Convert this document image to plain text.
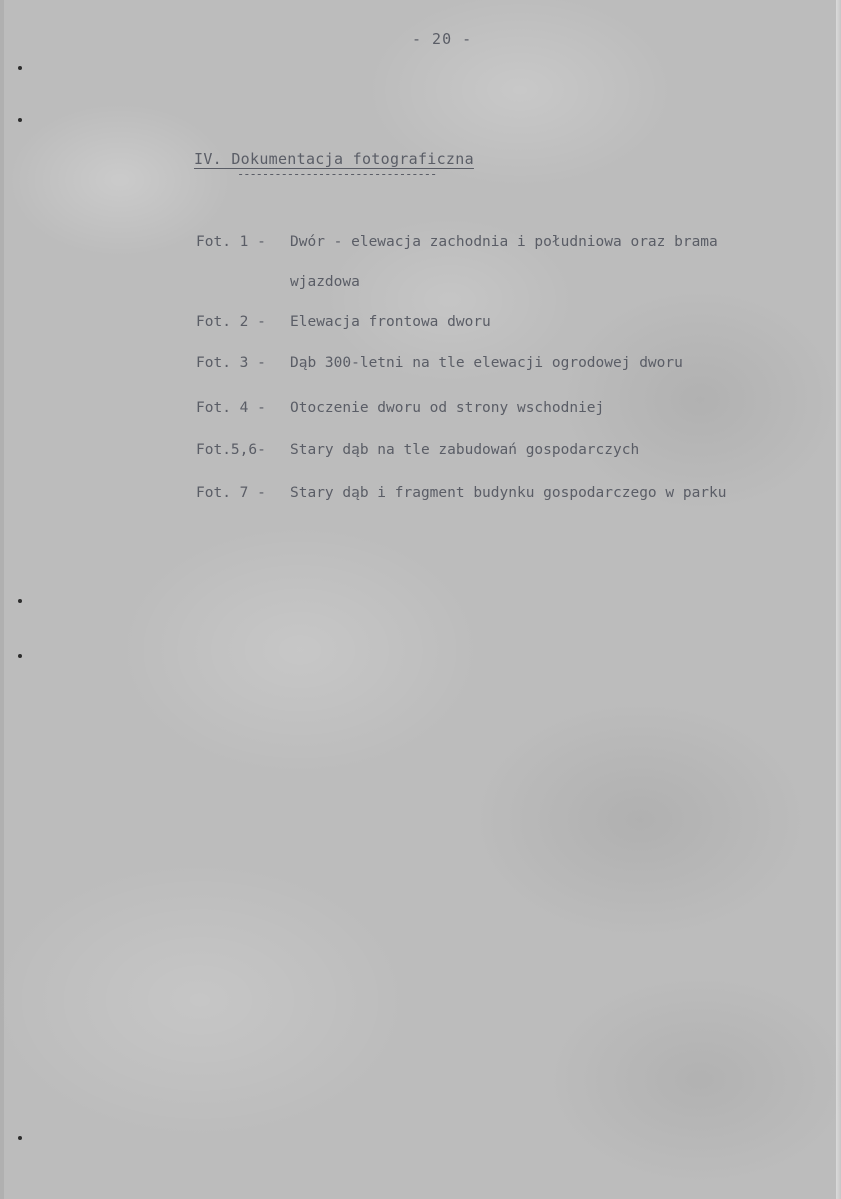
- 20 -
IV. Dokumentacja fotograficzna
--------------------------------
Fot. 1 - Dwór - elewacja zachodnia i południowa oraz brama
wjazdowa
Fot. 2 - Elewacja frontowa dworu
Fot. 3 - Dąb 300-letni na tle elewacji ogrodowej dworu
Fot. 4 - Otoczenie dworu od strony wschodniej
Fot.5,6- Stary dąb na tle zabudowań gospodarczych
Fot. 7 - Stary dąb i fragment budynku gospodarczego w parku
